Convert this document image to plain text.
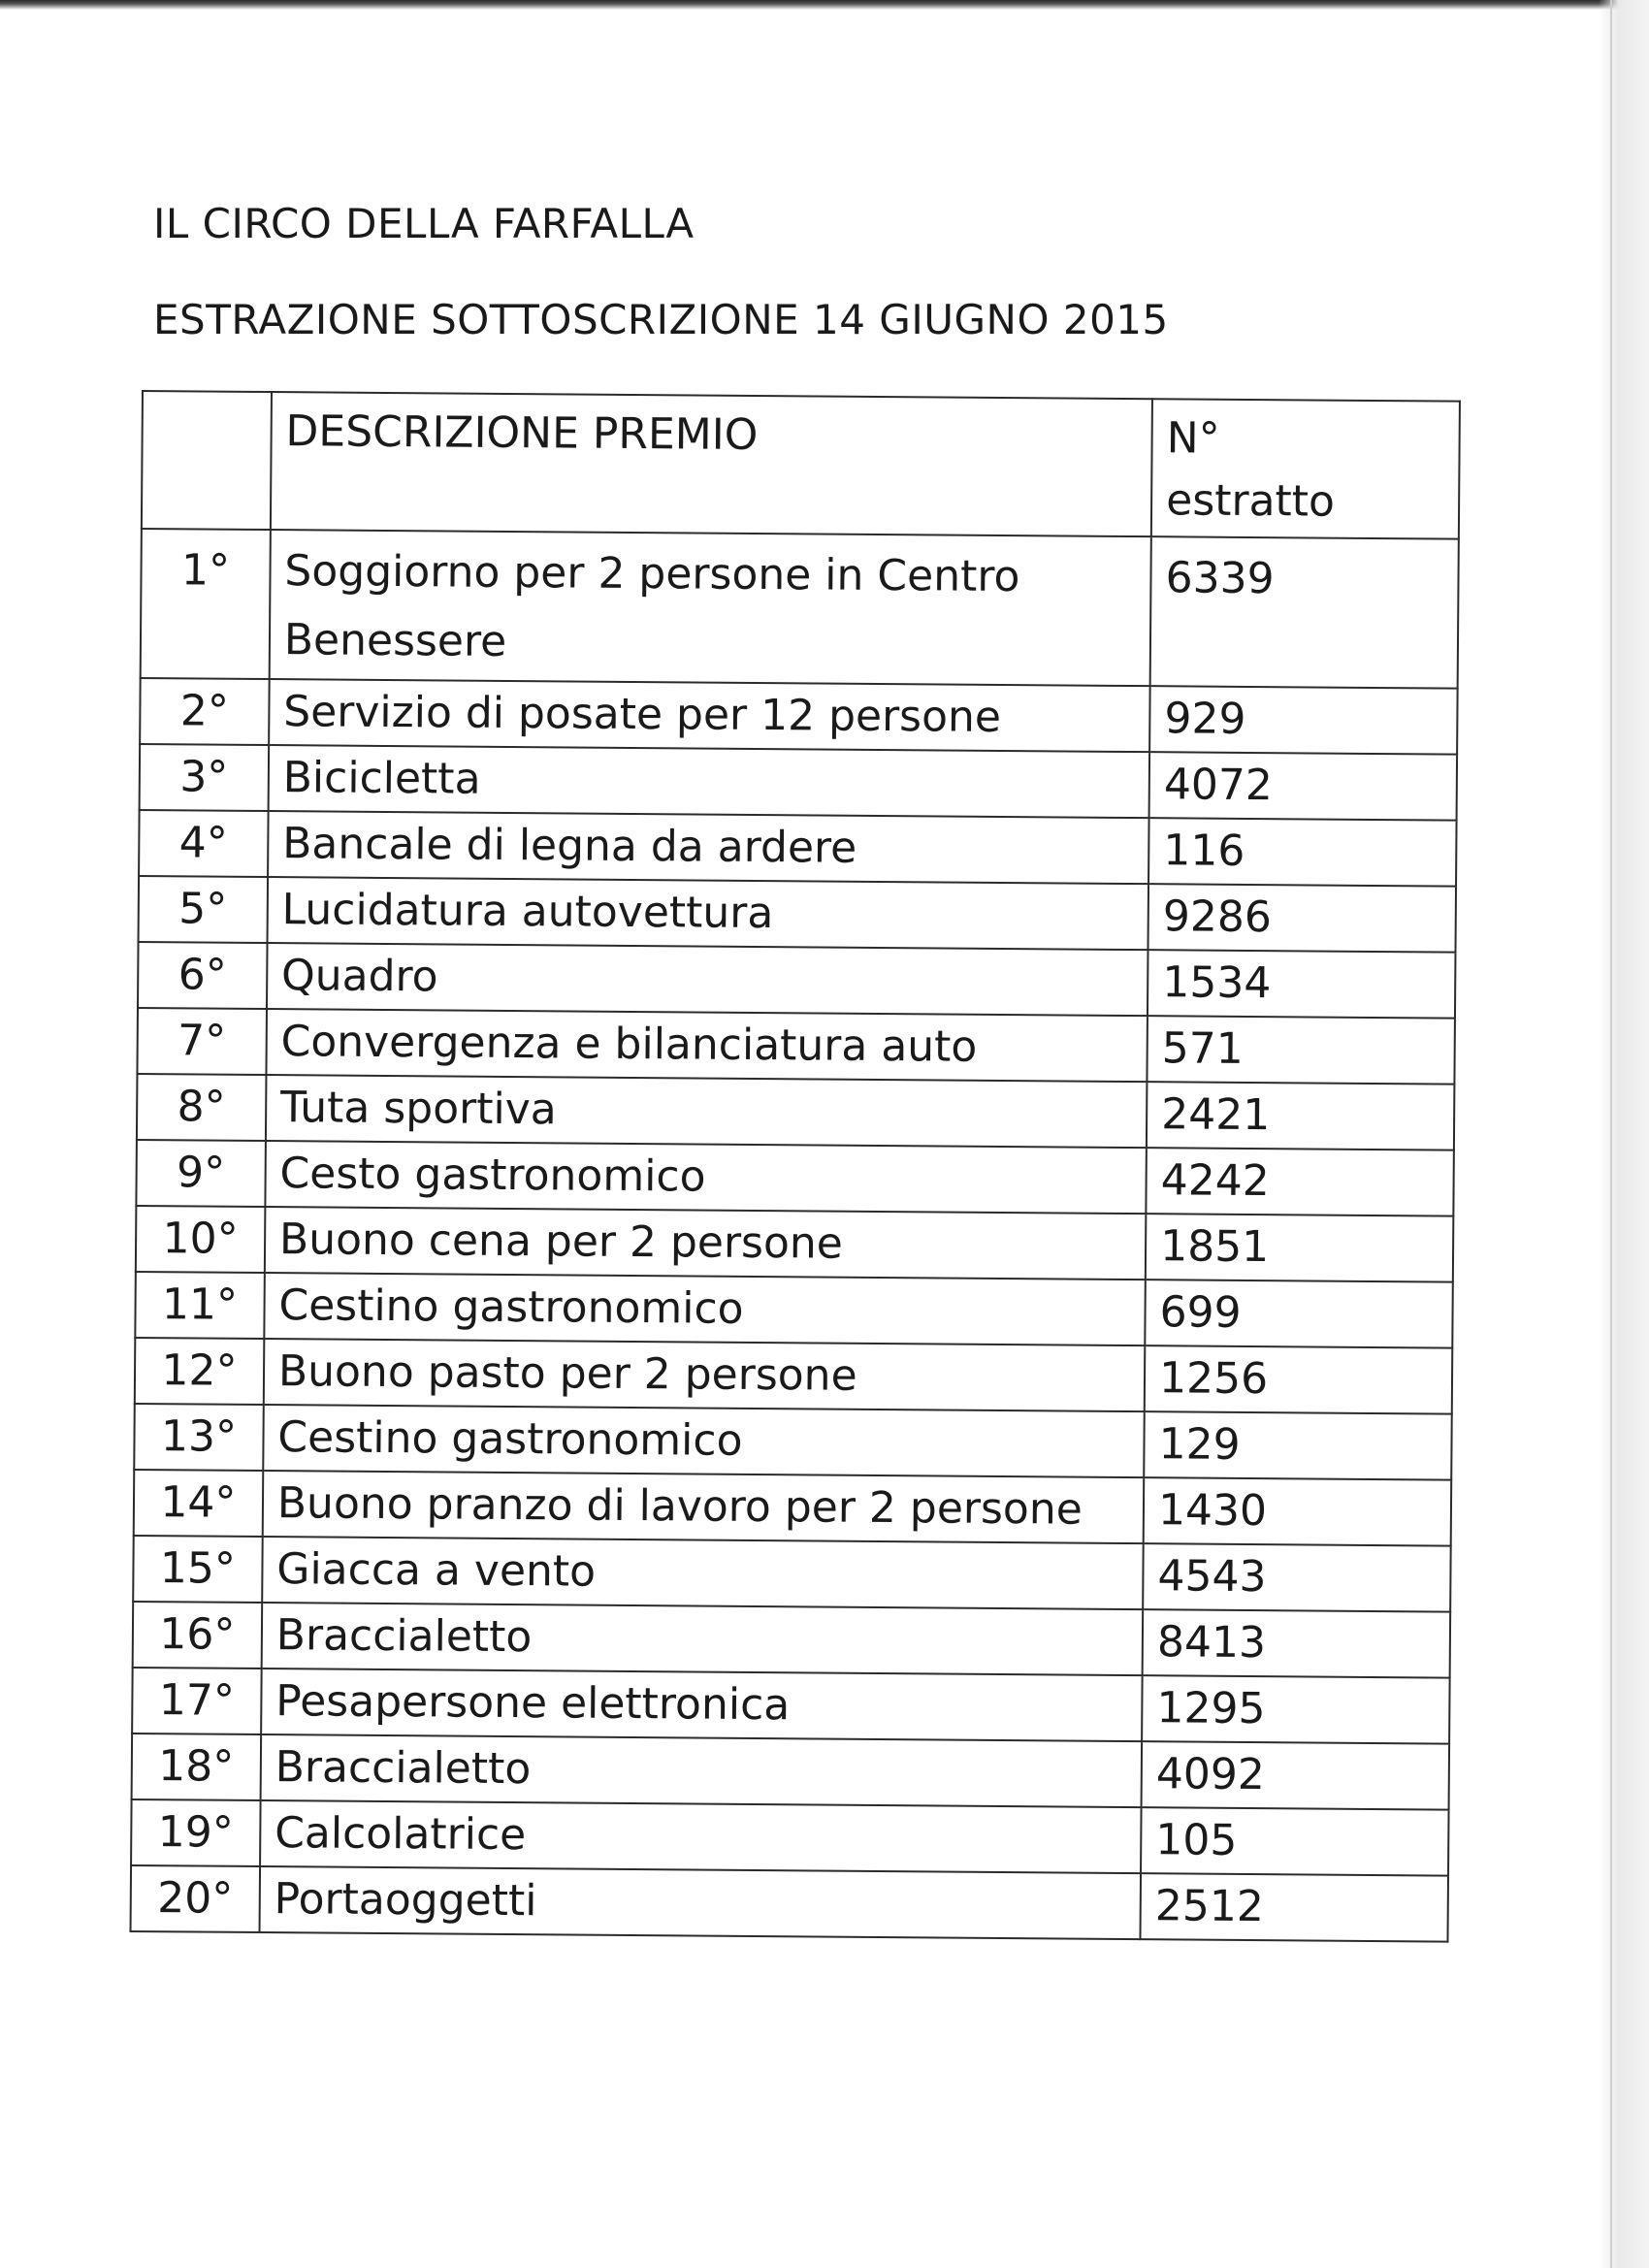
IL CIRCO DELLA FARFALLA
ESTRAZIONE SOTTOSCRIZIONE 14 GIUGNO 2015
	DESCRIZIONE PREMIO	N°
estratto
1°	Soggiorno per 2 persone in Centro Benessere	6339
2°	Servizio di posate per 12 persone	929
3°	Bicicletta	4072
4°	Bancale di legna da ardere	116
5°	Lucidatura autovettura	9286
6°	Quadro	1534
7°	Convergenza e bilanciatura auto	571
8°	Tuta sportiva	2421
9°	Cesto gastronomico	4242
10°	Buono cena per 2 persone	1851
11°	Cestino gastronomico	699
12°	Buono pasto per 2 persone	1256
13°	Cestino gastronomico	129
14°	Buono pranzo di lavoro per 2 persone	1430
15°	Giacca a vento	4543
16°	Braccialetto	8413
17°	Pesapersone elettronica	1295
18°	Braccialetto	4092
19°	Calcolatrice	105
20°	Portaoggetti	2512
